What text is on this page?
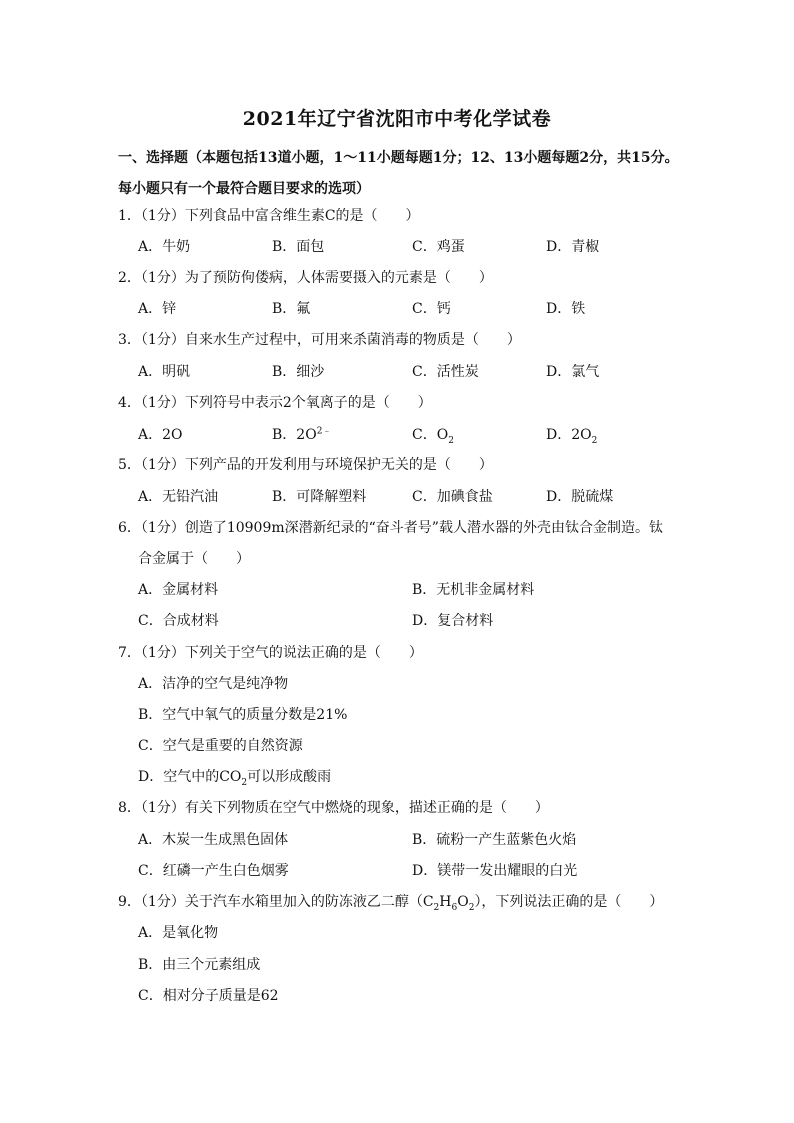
2021年辽宁省沈阳市中考化学试卷
一、选择题（本题包括13道小题，1～11小题每题1分；12、13小题每题2分，共15分。
每小题只有一个最符合题目要求的选项）
1．（1分）下列食品中富含维生素C的是（　　）
A．牛奶	B．面包	C．鸡蛋	D．青椒
2．（1分）为了预防佝偻病，人体需要摄入的元素是（　　）
A．锌	B．氟	C．钙	D．铁
3．（1分）自来水生产过程中，可用来杀菌消毒的物质是（　　）
A．明矾	B．细沙	C．活性炭	D．氯气
4．（1分）下列符号中表示2个氧离子的是（　　）
A．2O	B．$2O^{2﹣}$	C．$O_2$	D．$2O_2$
5．（1分）下列产品的开发利用与环境保护无关的是（　　）
A．无铅汽油	B．可降解塑料	C．加碘食盐	D．脱硫煤
6．（1分）创造了10909m深潜新纪录的“奋斗者号”载人潜水器的外壳由钛合金制造。钛
合金属于（　　）
A．金属材料	B．无机非金属材料
C．合成材料	D．复合材料
7．（1分）下列关于空气的说法正确的是（　　）
A．洁净的空气是纯净物
B．空气中氧气的质量分数是21%
C．空气是重要的自然资源
D．空气中的$CO_2$可以形成酸雨
8．（1分）有关下列物质在空气中燃烧的现象，描述正确的是（　　）
A．木炭一生成黑色固体	B．硫粉一产生蓝紫色火焰
C．红磷一产生白色烟雾	D．镁带一发出耀眼的白光
9．（1分）关于汽车水箱里加入的防冻液乙二醇$(C_2H_6O_2)$，下列说法正确的是（　　）
A．是氧化物
B．由三个元素组成
C．相对分子质量是62
